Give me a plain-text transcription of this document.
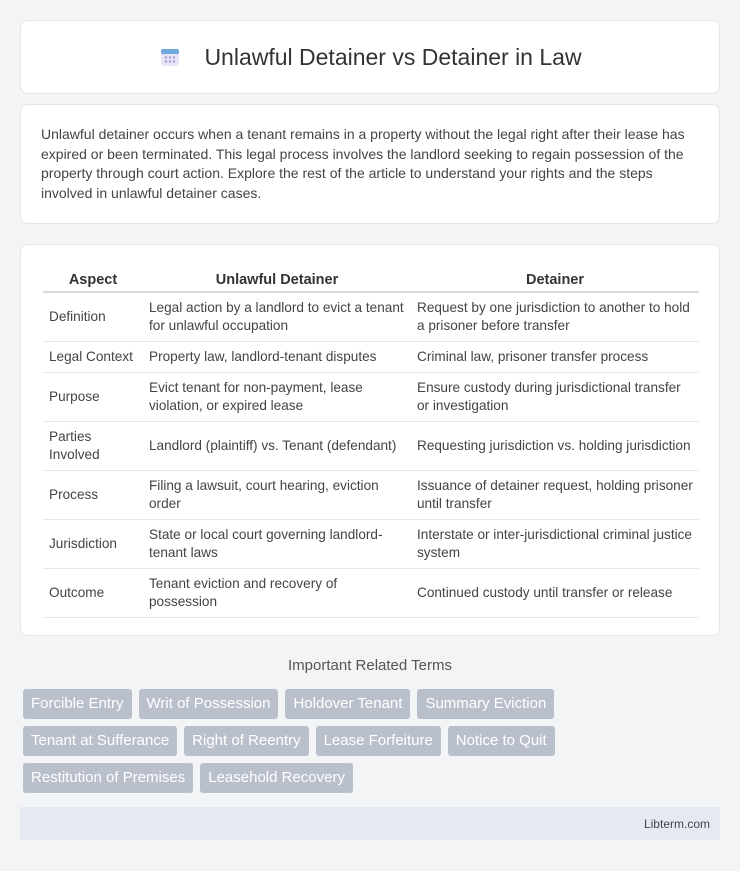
Unlawful Detainer vs Detainer in Law

Unlawful detainer occurs when a tenant remains in a property without the legal right after their lease has expired or been terminated. This legal process involves the landlord seeking to regain possession of the property through court action. Explore the rest of the article to understand your rights and the steps involved in unlawful detainer cases.

Aspect	Unlawful Detainer	Detainer
Definition	Legal action by a landlord to evict a tenant for unlawful occupation	Request by one jurisdiction to another to hold a prisoner before transfer
Legal Context	Property law, landlord-tenant disputes	Criminal law, prisoner transfer process
Purpose	Evict tenant for non-payment, lease violation, or expired lease	Ensure custody during jurisdictional transfer or investigation
Parties Involved	Landlord (plaintiff) vs. Tenant (defendant)	Requesting jurisdiction vs. holding jurisdiction
Process	Filing a lawsuit, court hearing, eviction order	Issuance of detainer request, holding prisoner until transfer
Jurisdiction	State or local court governing landlord-tenant laws	Interstate or inter-jurisdictional criminal justice system
Outcome	Tenant eviction and recovery of possession	Continued custody until transfer or release
Important Related Terms
Forcible Entry	Writ of Possession	Holdover Tenant	Summary Eviction
Tenant at Sufferance	Right of Reentry	Lease Forfeiture	Notice to Quit
Restitution of Premises	Leasehold Recovery
Libterm.com
